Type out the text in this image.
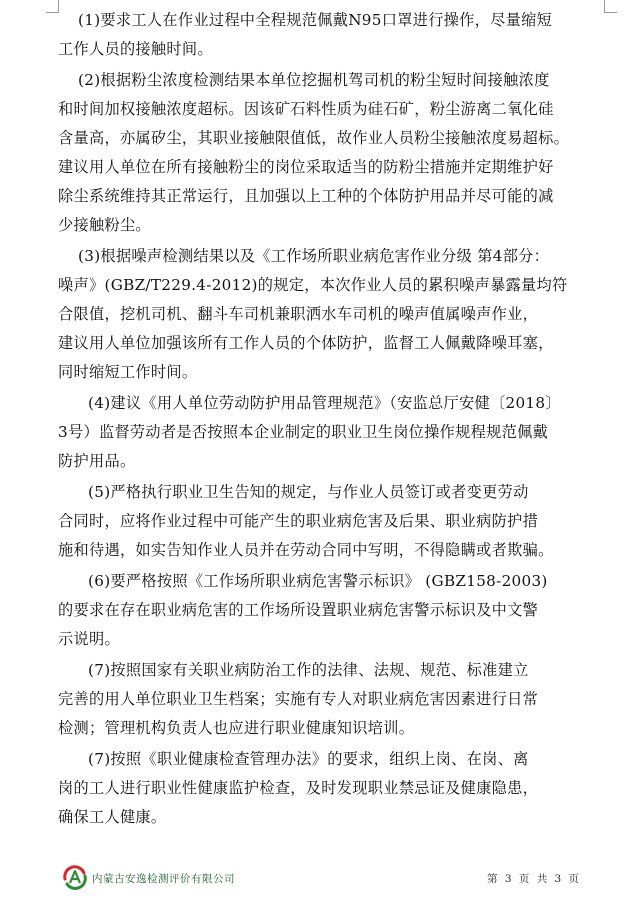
(1)要求工人在作业过程中全程规范佩戴N95口罩进行操作，尽量缩短
工作人员的接触时间。

(2)根据粉尘浓度检测结果本单位挖掘机驾司机的粉尘短时间接触浓度
和时间加权接触浓度超标。因该矿石料性质为硅石矿，粉尘游离二氧化硅
含量高，亦属矽尘，其职业接触限值低，故作业人员粉尘接触浓度易超标。
建议用人单位在所有接触粉尘的岗位采取适当的防粉尘措施并定期维护好
除尘系统维持其正常运行，且加强以上工种的个体防护用品并尽可能的减
少接触粉尘。

(3)根据噪声检测结果以及《工作场所职业病危害作业分级 第4部分：
噪声》(GBZ/T229.4-2012)的规定，本次作业人员的累积噪声暴露量均符
合限值，挖机司机、翻斗车司机兼职洒水车司机的噪声值属噪声作业，
建议用人单位加强该所有工作人员的个体防护，监督工人佩戴降噪耳塞，
同时缩短工作时间。

(4)建议《用人单位劳动防护用品管理规范》（安监总厅安健〔2018〕
3号）监督劳动者是否按照本企业制定的职业卫生岗位操作规程规范佩戴
防护用品。

(5)严格执行职业卫生告知的规定，与作业人员签订或者变更劳动
合同时，应将作业过程中可能产生的职业病危害及后果、职业病防护措
施和待遇，如实告知作业人员并在劳动合同中写明，不得隐瞒或者欺骗。

(6)要严格按照《工作场所职业病危害警示标识》 (GBZ158-2003)
的要求在存在职业病危害的工作场所设置职业病危害警示标识及中文警
示说明。

(7)按照国家有关职业病防治工作的法律、法规、规范、标准建立
完善的用人单位职业卫生档案；实施有专人对职业病危害因素进行日常
检测；管理机构负责人也应进行职业健康知识培训。

(7)按照《职业健康检查管理办法》的要求，组织上岗、在岗、离
岗的工人进行职业性健康监护检查，及时发现职业禁忌证及健康隐患，
确保工人健康。

内蒙古安逸检测评价有限公司	第 3 页 共 3 页
